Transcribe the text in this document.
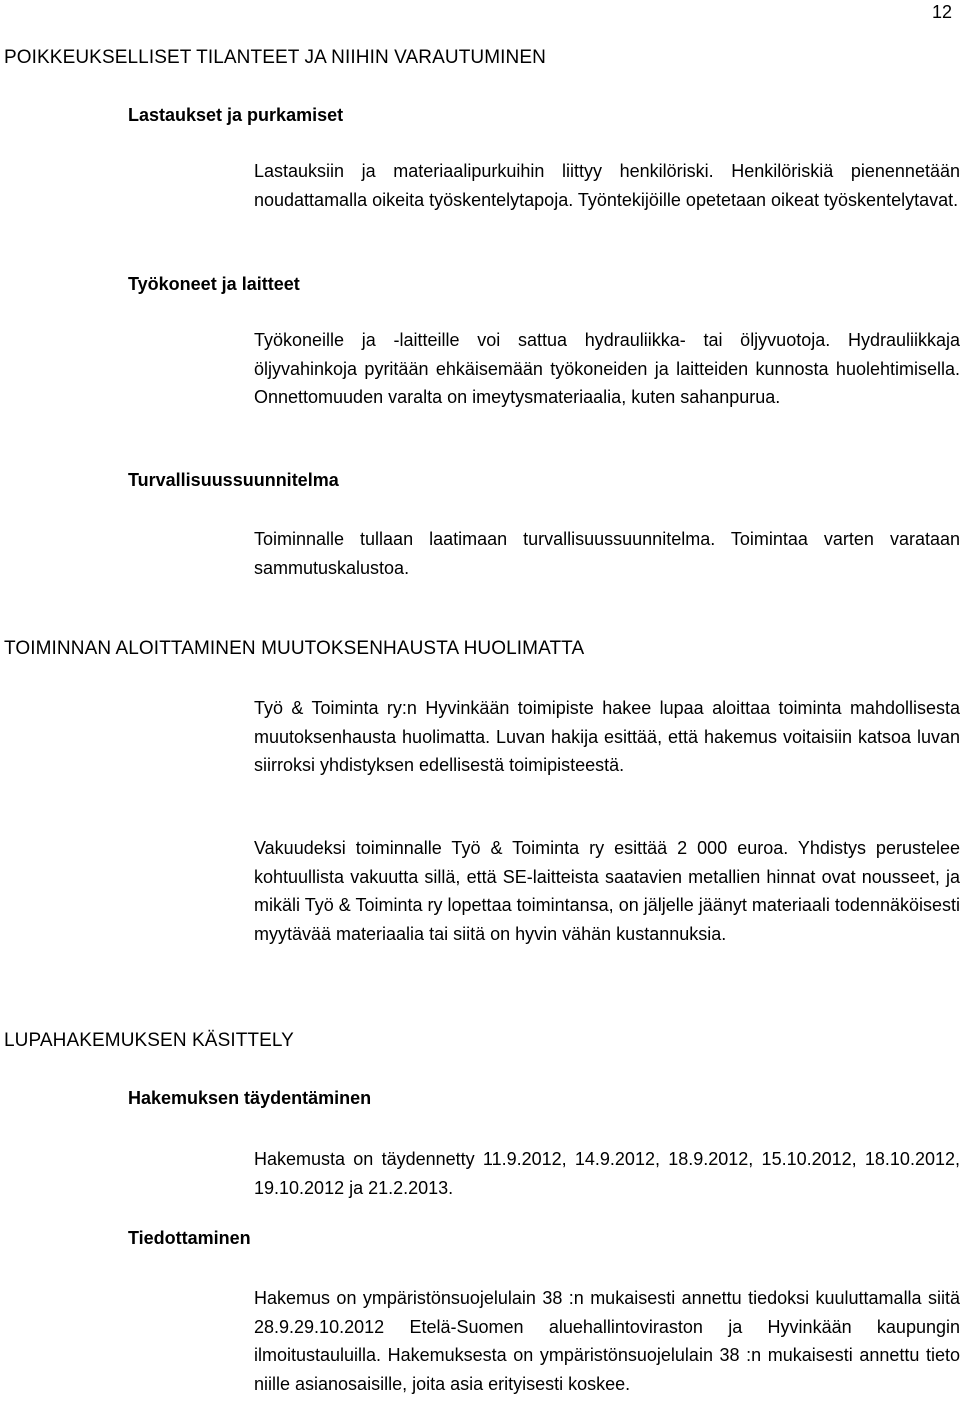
12
POIKKEUKSELLISET TILANTEET JA NIIHIN VARAUTUMINEN
Lastaukset ja purkamiset
Lastauksiin ja materiaalipurkuihin liittyy henkilöriski. Henkilöriskiä pienennetään noudattamalla oikeita työskentelytapoja. Työntekijöille opetetaan oikeat työskentelytavat.
Työkoneet ja laitteet
Työkoneille ja -laitteille voi sattua hydrauliikka- tai öljyvuotoja. Hydrauliikkaja öljyvahinkoja pyritään ehkäisemään työkoneiden ja laitteiden kunnosta huolehtimisella. Onnettomuuden varalta on imeytysmateriaalia, kuten sahanpurua.
Turvallisuussuunnitelma
Toiminnalle tullaan laatimaan turvallisuussuunnitelma. Toimintaa varten varataan sammutuskalustoa.
TOIMINNAN ALOITTAMINEN MUUTOKSENHAUSTA HUOLIMATTA
Työ & Toiminta ry:n Hyvinkään toimipiste hakee lupaa aloittaa toiminta mahdollisesta muutoksenhausta huolimatta. Luvan hakija esittää, että hakemus voitaisiin katsoa luvan siirroksi yhdistyksen edellisestä toimipisteestä.
Vakuudeksi toiminnalle Työ & Toiminta ry esittää 2 000 euroa. Yhdistys perustelee kohtuullista vakuutta sillä, että SE-laitteista saatavien metallien hinnat ovat nousseet, ja mikäli Työ & Toiminta ry lopettaa toimintansa, on jäljelle jäänyt materiaali todennäköisesti myytävää materiaalia tai siitä on hyvin vähän kustannuksia.
LUPAHAKEMUKSEN KÄSITTELY
Hakemuksen täydentäminen
Hakemusta on täydennetty 11.9.2012, 14.9.2012, 18.9.2012, 15.10.2012, 18.10.2012, 19.10.2012 ja 21.2.2013.
Tiedottaminen
Hakemus on ympäristönsuojelulain 38 :n mukaisesti annettu tiedoksi kuuluttamalla siitä 28.9.29.10.2012 Etelä-Suomen aluehallintoviraston ja Hyvinkään kaupungin ilmoitustauluilla. Hakemuksesta on ympäristönsuojelulain 38 :n mukaisesti annettu tieto niille asianosaisille, joita asia erityisesti koskee.
